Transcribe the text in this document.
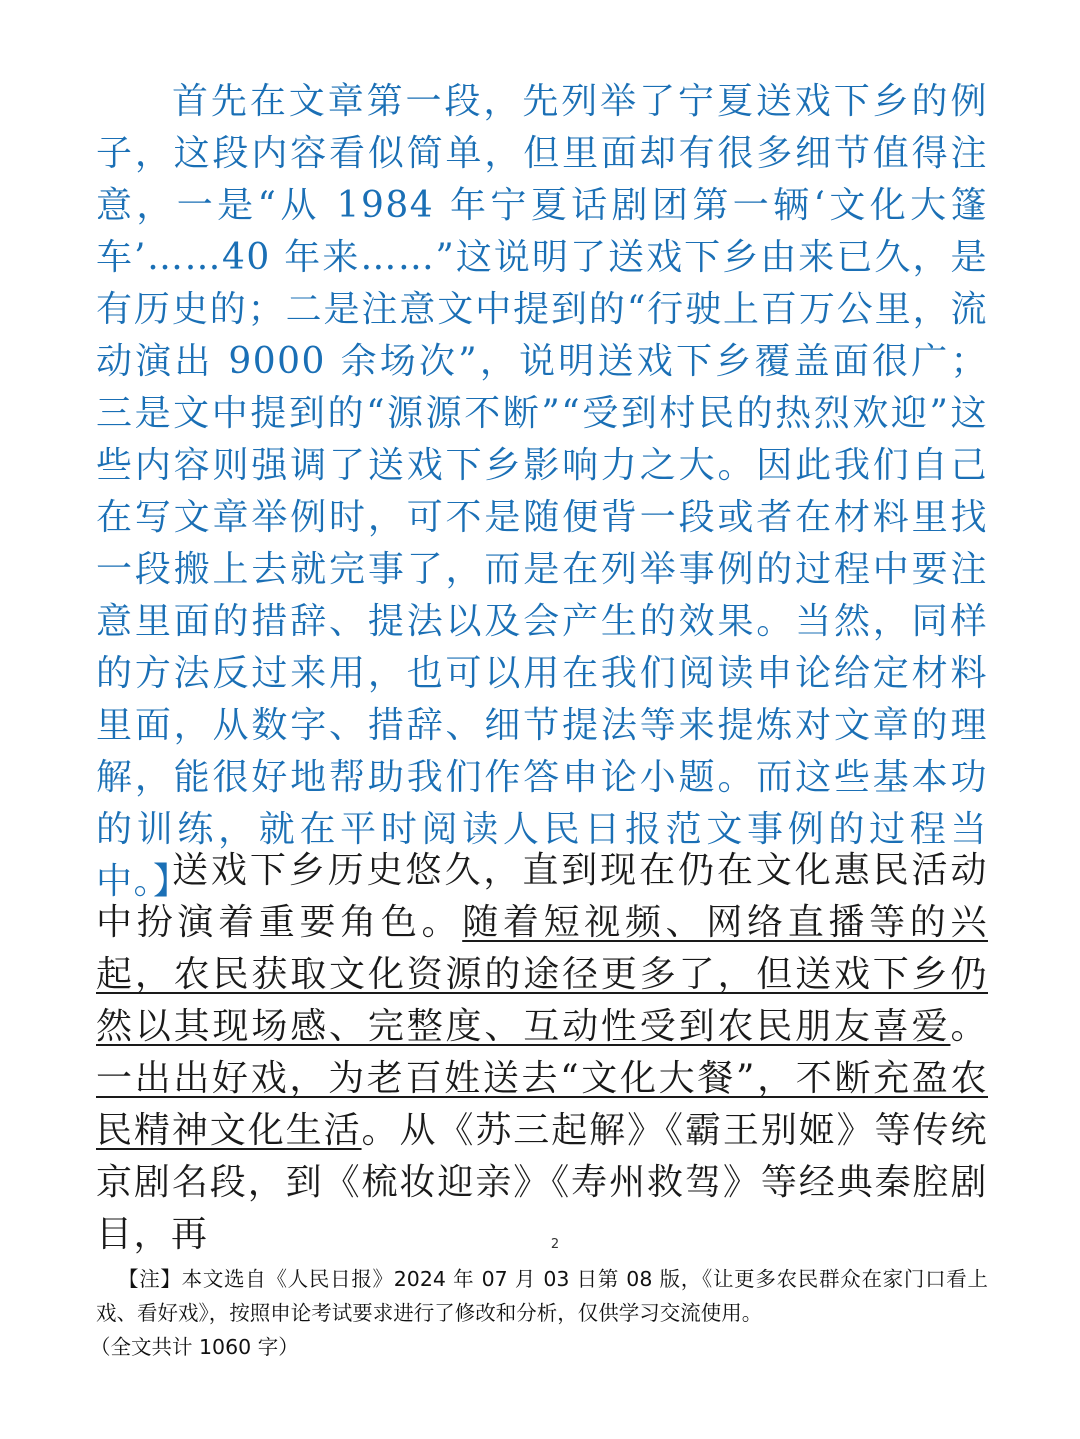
首先在文章第一段，先列举了宁夏送戏下乡的例子，这段内容看似简单，但里面却有很多细节值得注意，一是“从 1984 年宁夏话剧团第一辆‘文化大篷车’……40 年来……”这说明了送戏下乡由来已久，是有历史的；二是注意文中提到的“行驶上百万公里，流动演出 9000 余场次”，说明送戏下乡覆盖面很广；三是文中提到的“源源不断”“受到村民的热烈欢迎”这些内容则强调了送戏下乡影响力之大。因此我们自己在写文章举例时，可不是随便背一段或者在材料里找一段搬上去就完事了，而是在列举事例的过程中要注意里面的措辞、提法以及会产生的效果。当然，同样的方法反过来用，也可以用在我们阅读申论给定材料里面，从数字、措辞、细节提法等来提炼对文章的理解，能很好地帮助我们作答申论小题。而这些基本功的训练，就在平时阅读人民日报范文事例的过程当中。】

送戏下乡历史悠久，直到现在仍在文化惠民活动中扮演着重要角色。随着短视频、网络直播等的兴起，农民获取文化资源的途径更多了，但送戏下乡仍然以其现场感、完整度、互动性受到农民朋友喜爱。一出出好戏，为老百姓送去“文化大餐”，不断充盈农民精神文化生活。从《苏三起解》《霸王别姬》等传统京剧名段，到《梳妆迎亲》《寿州救驾》等经典秦腔剧目，再	2

【注】本文选自《人民日报》2024 年 07 月 03 日第 08 版，《让更多农民群众在家门口看上戏、看好戏》，按照申论考试要求进行了修改和分析，仅供学习交流使用。
（全文共计 1060 字）
